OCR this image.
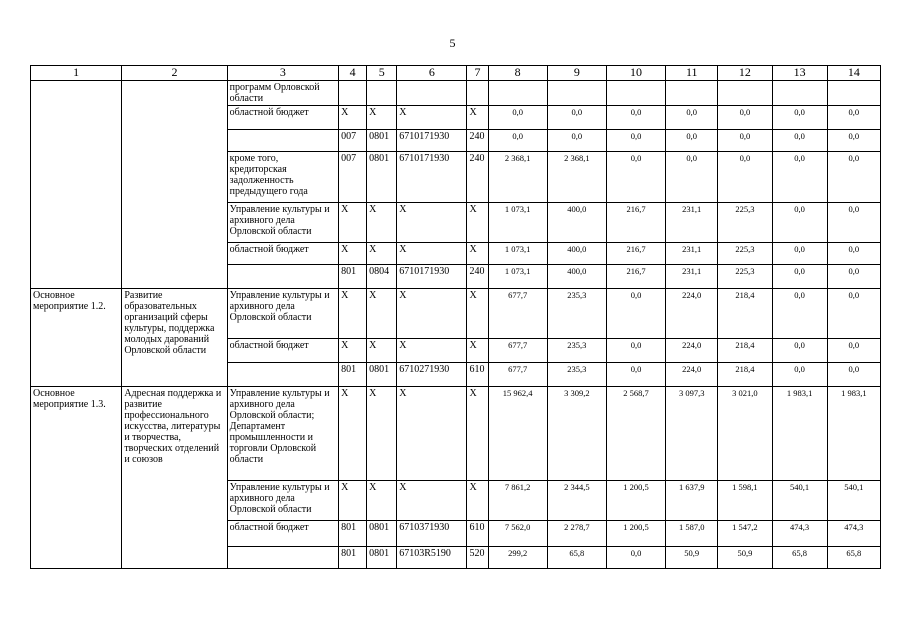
5
1	2	3	4	5	6	7	8	9	10	11	12	13	14
		программ Орловской области											
		областной бюджет	X	X	X	X	0,0	0,0	0,0	0,0	0,0	0,0	0,0
			007	0801	6710171930	240	0,0	0,0	0,0	0,0	0,0	0,0	0,0
		кроме того, кредиторская задолженность предыдущего года	007	0801	6710171930	240	2 368,1	2 368,1	0,0	0,0	0,0	0,0	0,0
		Управление культуры и архивного дела Орловской области	X	X	X	X	1 073,1	400,0	216,7	231,1	225,3	0,0	0,0
		областной бюджет	X	X	X	X	1 073,1	400,0	216,7	231,1	225,3	0,0	0,0
			801	0804	6710171930	240	1 073,1	400,0	216,7	231,1	225,3	0,0	0,0
Основное мероприятие 1.2.	Развитие образовательных организаций сферы культуры, поддержка молодых дарований Орловской области	Управление культуры и архивного дела Орловской области	X	X	X	X	677,7	235,3	0,0	224,0	218,4	0,0	0,0
		областной бюджет	X	X	X	X	677,7	235,3	0,0	224,0	218,4	0,0	0,0
			801	0801	6710271930	610	677,7	235,3	0,0	224,0	218,4	0,0	0,0
Основное мероприятие 1.3.	Адресная поддержка и развитие профессионального искусства, литературы и творчества, творческих отделений и союзов	Управление культуры и архивного дела Орловской области; Департамент промышленности и торговли Орловской области	X	X	X	X	15 962,4	3 309,2	2 568,7	3 097,3	3 021,0	1 983,1	1 983,1
		Управление культуры и архивного дела Орловской области	X	X	X	X	7 861,2	2 344,5	1 200,5	1 637,9	1 598,1	540,1	540,1
		областной бюджет	801	0801	6710371930	610	7 562,0	2 278,7	1 200,5	1 587,0	1 547,2	474,3	474,3
			801	0801	67103R5190	520	299,2	65,8	0,0	50,9	50,9	65,8	65,8
